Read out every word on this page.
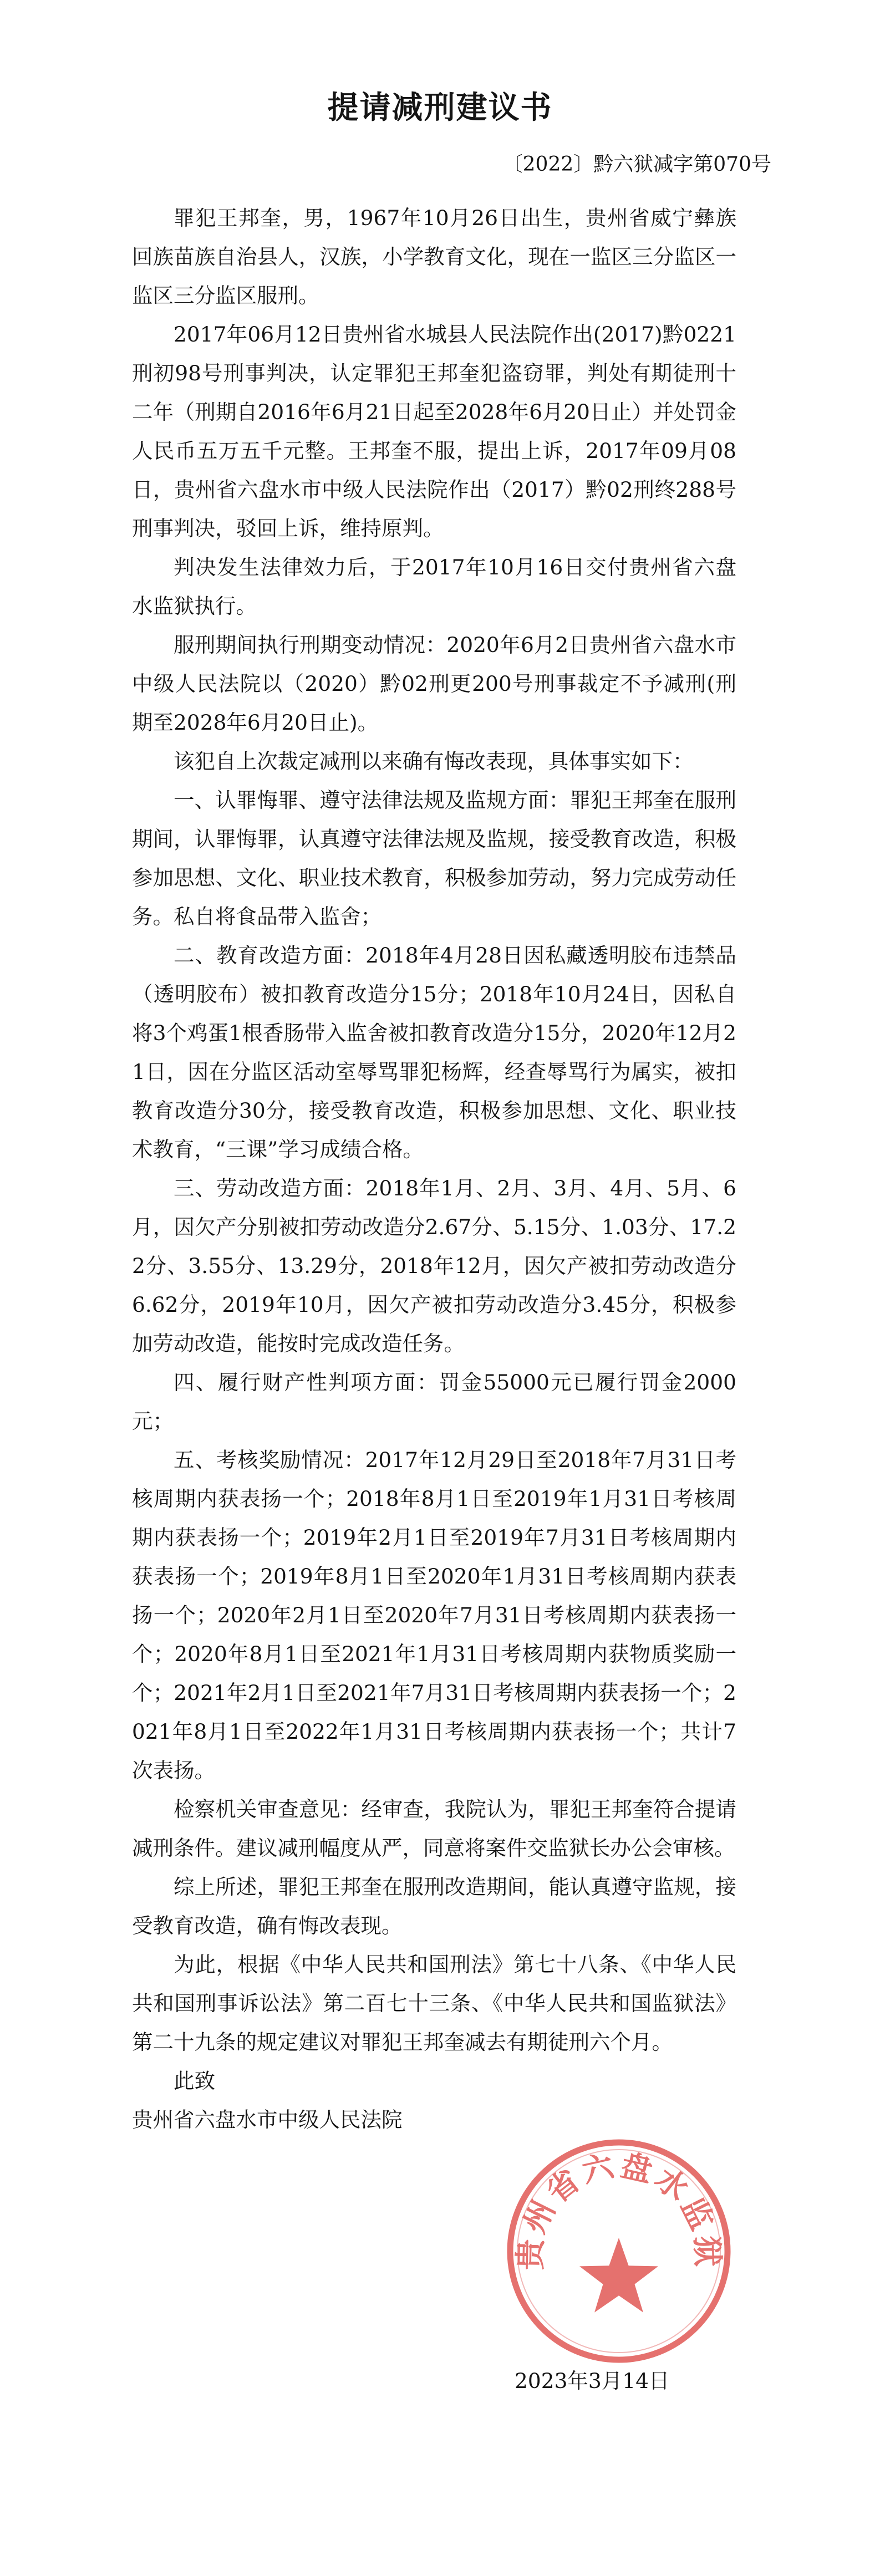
提请减刑建议书
〔2022〕黔六狱减字第070号

罪犯王邦奎，男，1967年10月26日出生，贵州省威宁彝族回族苗族自治县人，汉族，小学教育文化，现在一监区三分监区一监区三分监区服刑。

2017年06月12日贵州省水城县人民法院作出(2017)黔0221刑初98号刑事判决，认定罪犯王邦奎犯盗窃罪，判处有期徒刑十二年（刑期自2016年6月21日起至2028年6月20日止）并处罚金人民币五万五千元整。王邦奎不服，提出上诉，2017年09月08日，贵州省六盘水市中级人民法院作出（2017）黔02刑终288号刑事判决，驳回上诉，维持原判。

判决发生法律效力后，于2017年10月16日交付贵州省六盘水监狱执行。

服刑期间执行刑期变动情况：2020年6月2日贵州省六盘水市中级人民法院以（2020）黔02刑更200号刑事裁定不予减刑(刑期至2028年6月20日止)。

该犯自上次裁定减刑以来确有悔改表现，具体事实如下：

一、认罪悔罪、遵守法律法规及监规方面：罪犯王邦奎在服刑期间，认罪悔罪，认真遵守法律法规及监规，接受教育改造，积极参加思想、文化、职业技术教育，积极参加劳动，努力完成劳动任务。私自将食品带入监舍；

二、教育改造方面：2018年4月28日因私藏透明胶布违禁品（透明胶布）被扣教育改造分15分；2018年10月24日，因私自将3个鸡蛋1根香肠带入监舍被扣教育改造分15分，2020年12月21日，因在分监区活动室辱骂罪犯杨辉，经查辱骂行为属实，被扣教育改造分30分，接受教育改造，积极参加思想、文化、职业技术教育，“三课”学习成绩合格。

三、劳动改造方面：2018年1月、2月、3月、4月、5月、6月，因欠产分别被扣劳动改造分2.67分、5.15分、1.03分、17.22分、3.55分、13.29分，2018年12月，因欠产被扣劳动改造分6.62分，2019年10月，因欠产被扣劳动改造分3.45分，积极参加劳动改造，能按时完成改造任务。

四、履行财产性判项方面：罚金55000元已履行罚金2000元；

五、考核奖励情况：2017年12月29日至2018年7月31日考核周期内获表扬一个；2018年8月1日至2019年1月31日考核周期内获表扬一个；2019年2月1日至2019年7月31日考核周期内获表扬一个；2019年8月1日至2020年1月31日考核周期内获表扬一个；2020年2月1日至2020年7月31日考核周期内获表扬一个；2020年8月1日至2021年1月31日考核周期内获物质奖励一个；2021年2月1日至2021年7月31日考核周期内获表扬一个；2021年8月1日至2022年1月31日考核周期内获表扬一个；共计7次表扬。

检察机关审查意见：经审查，我院认为，罪犯王邦奎符合提请减刑条件。建议减刑幅度从严，同意将案件交监狱长办公会审核。

综上所述，罪犯王邦奎在服刑改造期间，能认真遵守监规，接受教育改造，确有悔改表现。

为此，根据《中华人民共和国刑法》第七十八条、《中华人民共和国刑事诉讼法》第二百七十三条、《中华人民共和国监狱法》第二十九条的规定建议对罪犯王邦奎减去有期徒刑六个月。

此致

贵州省六盘水市中级人民法院

贵州省六盘水监狱
2023年3月14日
